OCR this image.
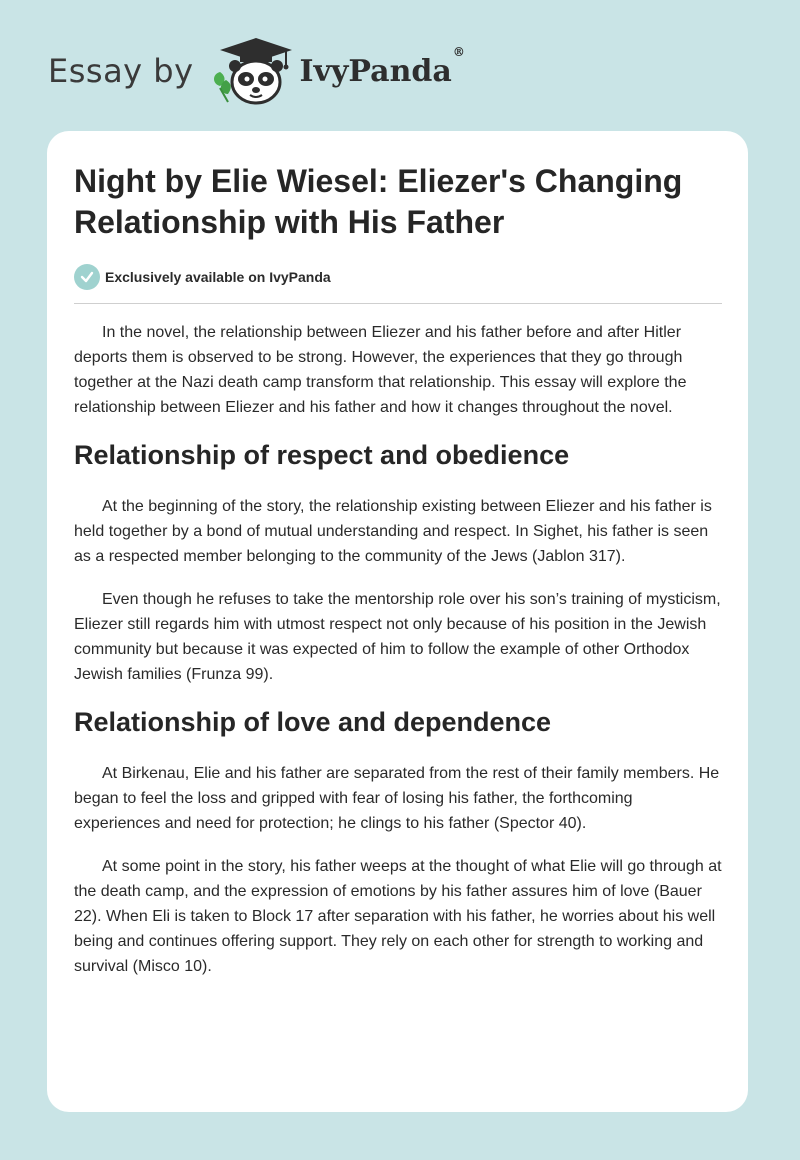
Essay by	IvyPanda®
Night by Elie Wiesel: Eliezer's Changing Relationship with His Father
Exclusively available on IvyPanda

In the novel, the relationship between Eliezer and his father before and after Hitler deports them is observed to be strong. However, the experiences that they go through together at the Nazi death camp transform that relationship. This essay will explore the relationship between Eliezer and his father and how it changes throughout the novel.

Relationship of respect and obedience

At the beginning of the story, the relationship existing between Eliezer and his father is held together by a bond of mutual understanding and respect. In Sighet, his father is seen as a respected member belonging to the community of the Jews (Jablon 317).

Even though he refuses to take the mentorship role over his son’s training of mysticism, Eliezer still regards him with utmost respect not only because of his position in the Jewish community but because it was expected of him to follow the example of other Orthodox Jewish families (Frunza 99).

Relationship of love and dependence

At Birkenau, Elie and his father are separated from the rest of their family members. He began to feel the loss and gripped with fear of losing his father, the forthcoming experiences and need for protection; he clings to his father (Spector 40).

At some point in the story, his father weeps at the thought of what Elie will go through at the death camp, and the expression of emotions by his father assures him of love (Bauer 22). When Eli is taken to Block 17 after separation with his father, he worries about his well being and continues offering support. They rely on each other for strength to working and survival (Misco 10).
